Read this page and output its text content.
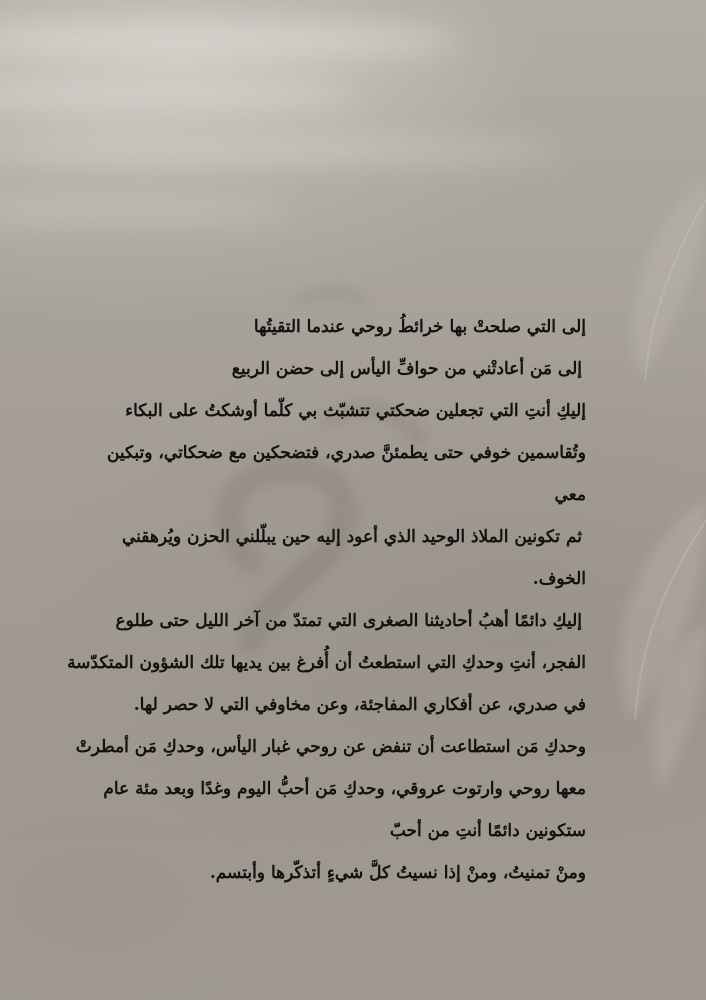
إلى التي صلحتْ بها خرائطُ روحي عندما التقيتُها
إلى مَن أعادتْني من حوافِّ اليأس إلى حضن الربيع
إليكِ أنتِ التي تجعلين ضحكتي تتشبّث بي كلّما أوشكتُ على البكاء
وتُقاسمين خوفي حتى يطمئنَّ صدري، فتضحكين مع ضحكاتي، وتبكين
معي
ثم تكونين الملاذ الوحيد الذي أعود إليه حين يبلّلني الحزن ويُرهقني
الخوف.
إليكِ دائمًا أهبُ أحاديثنا الصغرى التي تمتدّ من آخر الليل حتى طلوع
الفجر، أنتِ وحدكِ التي استطعتُ أن أُفرغ بين يديها تلك الشؤون المتكدّسة
في صدري، عن أفكاري المفاجئة، وعن مخاوفي التي لا حصر لها.
وحدكِ مَن استطاعت أن تنفض عن روحي غبار اليأس، وحدكِ مَن أمطرتْ
معها روحي وارتوت عروقي، وحدكِ مَن أحبُّ اليوم وغدًا وبعد مئة عام
ستكونين دائمًا أنتِ من أحبّ
ومنْ تمنيتُ، ومنْ إذا نسيتُ كلَّ شيءٍ أتذكّرها وأبتسم.
